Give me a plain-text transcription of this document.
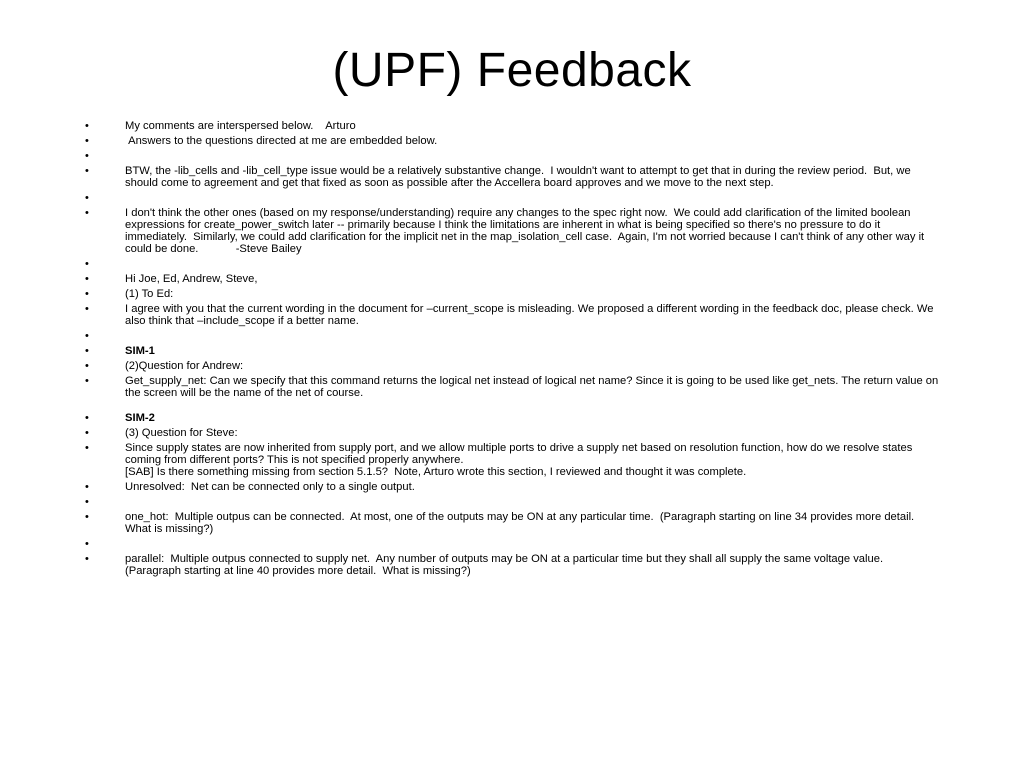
(UPF) Feedback
•	My comments are interspersed below.    Arturo
•	Answers to the questions directed at me are embedded below.
•
•	BTW, the -lib_cells and -lib_cell_type issue would be a relatively substantive change.  I wouldn't want to attempt to get that in during the review period.  But, we should come to agreement and get that fixed as soon as possible after the Accellera board approves and we move to the next step.
•
•	I don't think the other ones (based on my response/understanding) require any changes to the spec right now.  We could add clarification of the limited boolean expressions for create_power_switch later -- primarily because I think the limitations are inherent in what is being specified so there's no pressure to do it immediately.  Similarly, we could add clarification for the implicit net in the map_isolation_cell case.  Again, I'm not worried because I can't think of any other way it could be done.            -Steve Bailey
•
•	Hi Joe, Ed, Andrew, Steve,
•	(1) To Ed:
•	I agree with you that the current wording in the document for –current_scope is misleading. We proposed a different wording in the feedback doc, please check. We also think that –include_scope if a better name.
•
•	SIM-1
•	(2)Question for Andrew:
•	Get_supply_net: Can we specify that this command returns the logical net instead of logical net name? Since it is going to be used like get_nets. The return value on the screen will be the name of the net of course.
•	SIM-2
•	(3) Question for Steve:
•	Since supply states are now inherited from supply port, and we allow multiple ports to drive a supply net based on resolution function, how do we resolve states coming from different ports? This is not specified properly anywhere.
[SAB] Is there something missing from section 5.1.5?  Note, Arturo wrote this section, I reviewed and thought it was complete.
•	Unresolved:  Net can be connected only to a single output.
•
•	one_hot:  Multiple outpus can be connected.  At most, one of the outputs may be ON at any particular time.  (Paragraph starting on line 34 provides more detail.  What is missing?)
•
•	parallel:  Multiple outpus connected to supply net.  Any number of outputs may be ON at a particular time but they shall all supply the same voltage value.  (Paragraph starting at line 40 provides more detail.  What is missing?)
